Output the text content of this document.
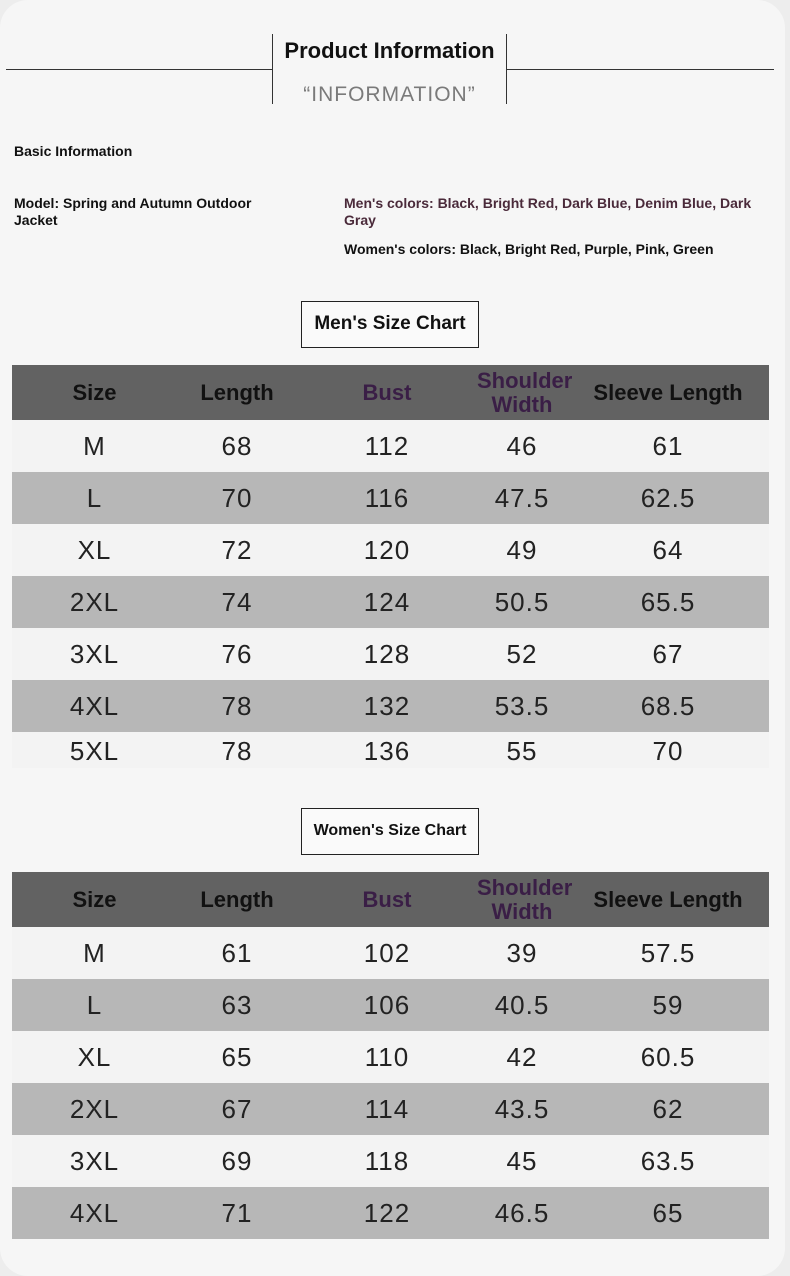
Product Information
“INFORMATION”
Basic Information
Model: Spring and Autumn Outdoor Jacket
Men's colors: Black, Bright Red, Dark Blue, Denim Blue, Dark Gray
Women's colors: Black, Bright Red, Purple, Pink, Green
Men's Size Chart
Size	Length	Bust	Shoulder Width	Sleeve Length
M	68	112	46	61
L	70	116	47.5	62.5
XL	72	120	49	64
2XL	74	124	50.5	65.5
3XL	76	128	52	67
4XL	78	132	53.5	68.5
5XL	78	136	55	70
Women's Size Chart
Size	Length	Bust	Shoulder Width	Sleeve Length
M	61	102	39	57.5
L	63	106	40.5	59
XL	65	110	42	60.5
2XL	67	114	43.5	62
3XL	69	118	45	63.5
4XL	71	122	46.5	65
